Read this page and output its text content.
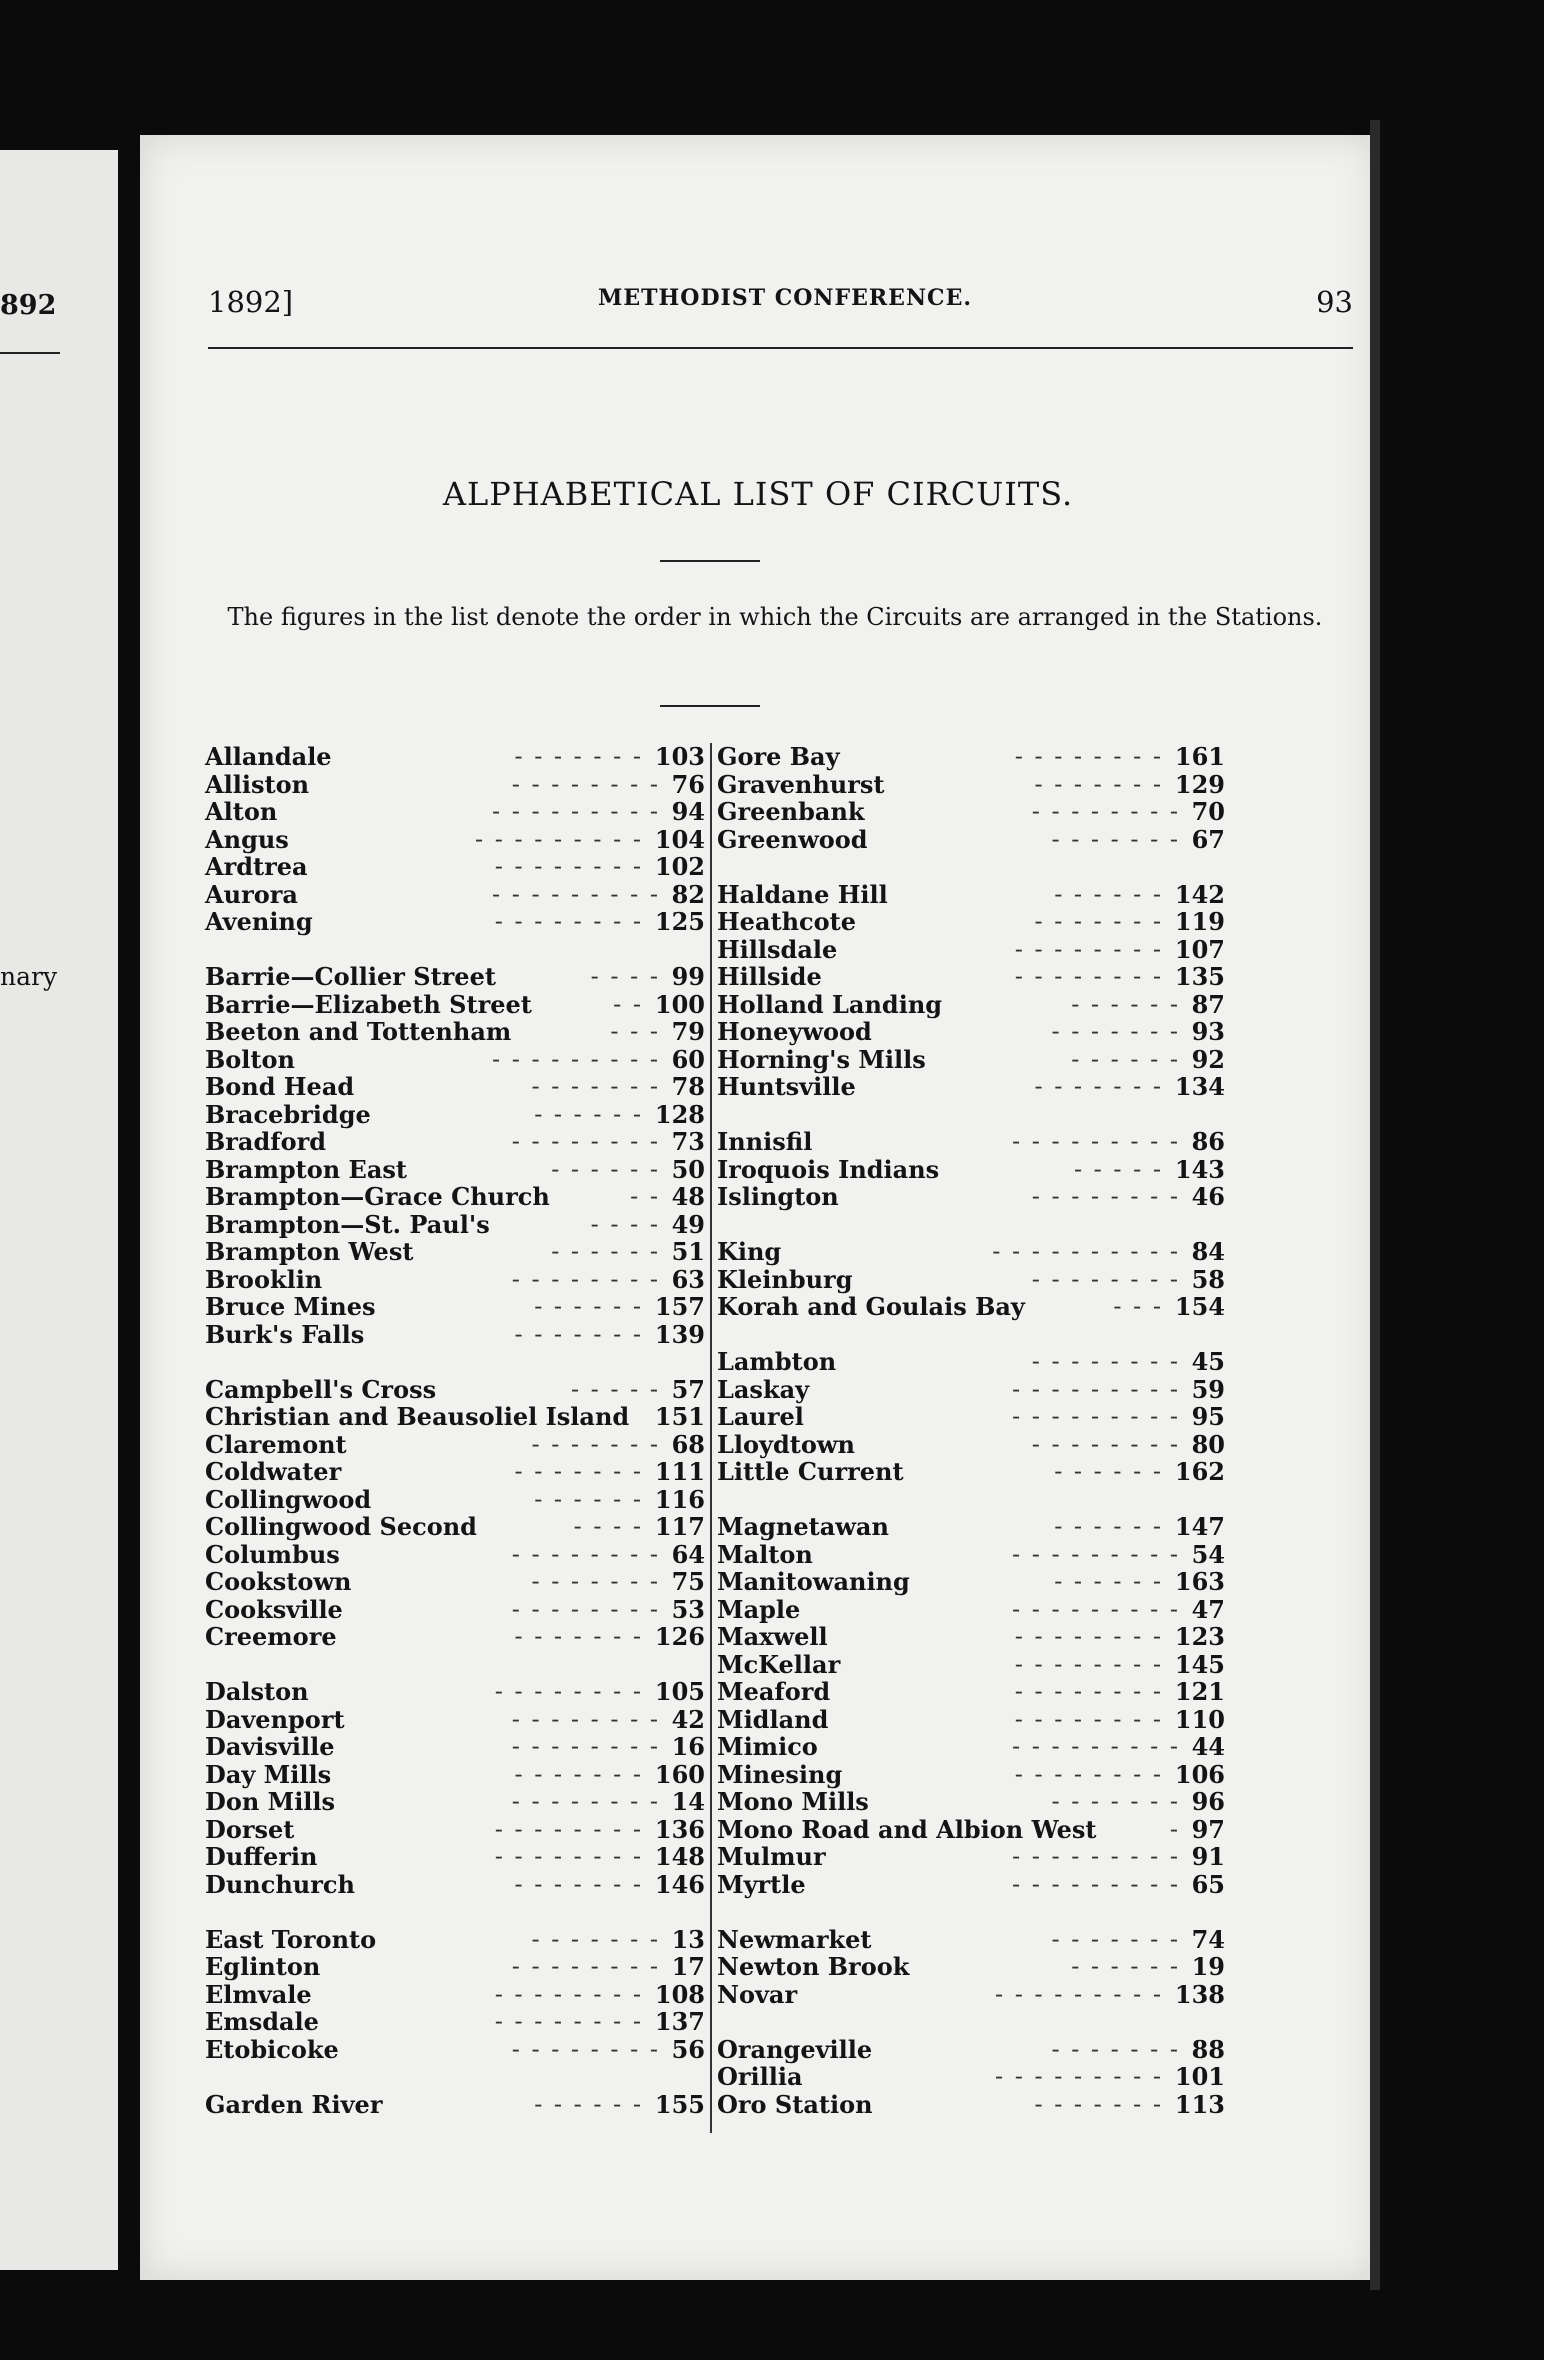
892
nary
1892]	METHODIST CONFERENCE.	93
ALPHABETICAL LIST OF CIRCUITS.
The figures in the list denote the order in which the Circuits are arranged in the Stations.
Allandale	103
- - - - - - -
Alliston	76
- - - - - - - -
Alton	94
- - - - - - - - -
Angus	104
- - - - - - - - -
Ardtrea	102
- - - - - - - -
Aurora	82
- - - - - - - - -
Avening	125
- - - - - - - -
Barrie—Collier Street	99
- - - -
Barrie—Elizabeth Street	100
- -
Beeton and Tottenham	79
- - -
Bolton	60
- - - - - - - - -
Bond Head	78
- - - - - - -
Bracebridge	128
- - - - - -
Bradford	73
- - - - - - - -
Brampton East	50
- - - - - -
Brampton—Grace Church	48
- -
Brampton—St. Paul's	49
- - - -
Brampton West	51
- - - - - -
Brooklin	63
- - - - - - - -
Bruce Mines	157
- - - - - -
Burk's Falls	139
- - - - - - -
Campbell's Cross	57
- - - - -
Christian and Beausoliel Island 151
Claremont	68
- - - - - - -
Coldwater	111
- - - - - - -
Collingwood	116
- - - - - -
Collingwood Second	117
- - - -
Columbus	64
- - - - - - - -
Cookstown	75
- - - - - - -
Cooksville	53
- - - - - - - -
Creemore	126
- - - - - - -
Dalston	105
- - - - - - - -
Davenport	42
- - - - - - - -
Davisville	16
- - - - - - - -
Day Mills	160
- - - - - - -
Don Mills	14
- - - - - - - -
Dorset	136
- - - - - - - -
Dufferin	148
- - - - - - - -
Dunchurch	146
- - - - - - -
East Toronto	13
- - - - - - -
Eglinton	17
- - - - - - - -
Elmvale	108
- - - - - - - -
Emsdale	137
- - - - - - - -
Etobicoke	56
- - - - - - - -
Garden River	155
- - - - - -
Gore Bay	161
- - - - - - - -
Gravenhurst	129
- - - - - - -
Greenbank	70
- - - - - - - -
Greenwood	67
- - - - - - -
Haldane Hill	142
- - - - - -
Heathcote	119
- - - - - - -
Hillsdale	107
- - - - - - - -
Hillside	135
- - - - - - - -
Holland Landing	87
- - - - - -
Honeywood	93
- - - - - - -
Horning's Mills	92
- - - - - -
Huntsville	134
- - - - - - -
Innisfil	86
- - - - - - - - -
Iroquois Indians	143
- - - - -
Islington	46
- - - - - - - -
King	84
- - - - - - - - - -
Kleinburg	58
- - - - - - - -
Korah and Goulais Bay	154
- - -
Lambton	45
- - - - - - - -
Laskay	59
- - - - - - - - -
Laurel	95
- - - - - - - - -
Lloydtown	80
- - - - - - - -
Little Current	162
- - - - - -
Magnetawan	147
- - - - - -
Malton	54
- - - - - - - - -
Manitowaning	163
- - - - - -
Maple	47
- - - - - - - - -
Maxwell	123
- - - - - - - -
McKellar	145
- - - - - - - -
Meaford	121
- - - - - - - -
Midland	110
- - - - - - - -
Mimico	44
- - - - - - - - -
Minesing	106
- - - - - - - -
Mono Mills	96
- - - - - - -
Mono Road and Albion West	97
-
Mulmur	91
- - - - - - - - -
Myrtle	65
- - - - - - - - -
Newmarket	74
- - - - - - -
Newton Brook	19
- - - - - -
Novar	138
- - - - - - - - -
Orangeville	88
- - - - - - -
Orillia	101
- - - - - - - - -
Oro Station	113
- - - - - - -
